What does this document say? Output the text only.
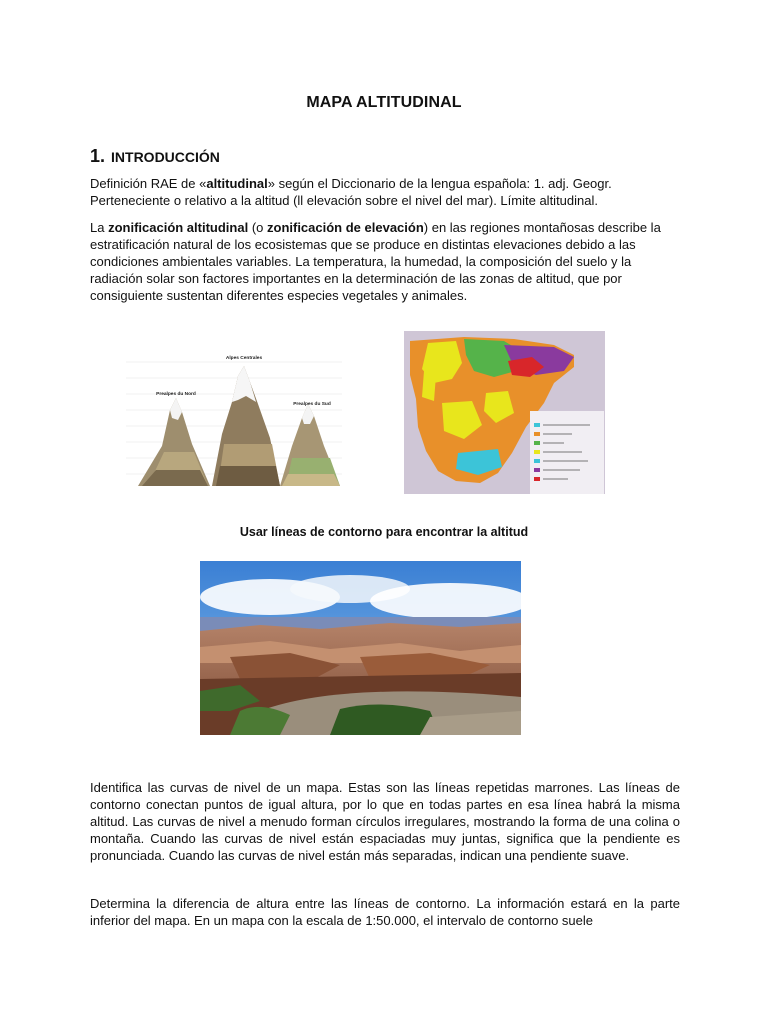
MAPA ALTITUDINAL
1. INTRODUCCIÓN

Definición RAE de «altitudinal» según el Diccionario de la lengua española: 1. adj. Geogr. Perteneciente o relativo a la altitud (ll elevación sobre el nivel del mar). Límite altitudinal.

La zonificación altitudinal (o zonificación de elevación) en las regiones montañosas describe la estratificación natural de los ecosistemas que se produce en distintas elevaciones debido a las condiciones ambientales variables. La temperatura, la humedad, la composición del suelo y la radiación solar son factores importantes en la determinación de las zonas de altitud, que por consiguiente sustentan diferentes especies vegetales y animales.

Alpes Centrales
Prealpes du Nord
Prealpes du Sud
Usar líneas de contorno para encontrar la altitud

Identifica las curvas de nivel de un mapa. Estas son las líneas repetidas marrones. Las líneas de contorno conectan puntos de igual altura, por lo que en todas partes en esa línea habrá la misma altitud. Las curvas de nivel a menudo forman círculos irregulares, mostrando la forma de una colina o montaña. Cuando las curvas de nivel están espaciadas muy juntas, significa que la pendiente es pronunciada. Cuando las curvas de nivel están más separadas, indican una pendiente suave.

Determina la diferencia de altura entre las líneas de contorno. La información estará en la parte inferior del mapa. En un mapa con la escala de 1:50.000, el intervalo de contorno suele
